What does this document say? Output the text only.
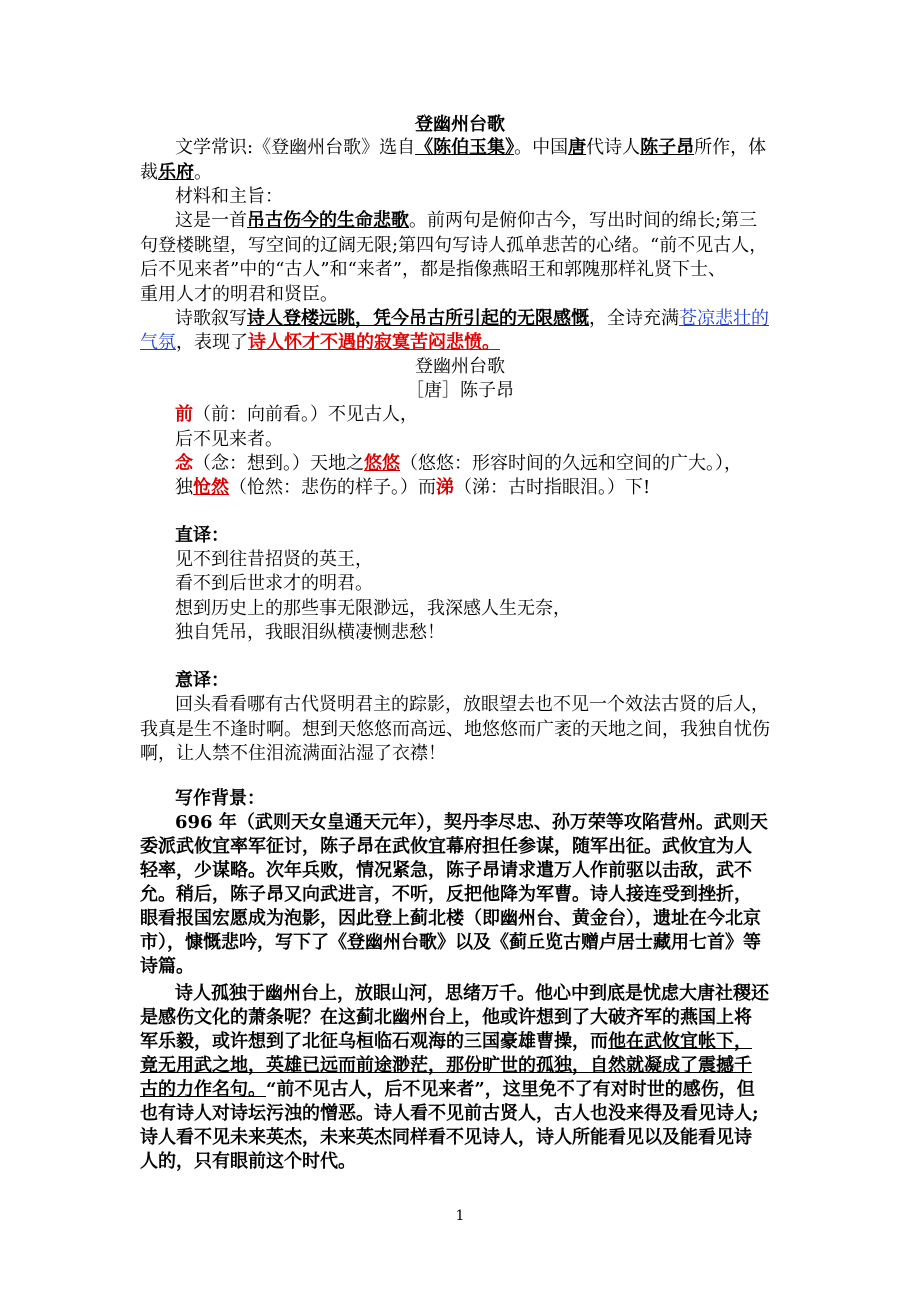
登幽州台歌
文学常识:《登幽州台歌》选自《陈伯玉集》。中国唐代诗人陈子昂所作，体
裁乐府。
材料和主旨：
这是一首吊古伤今的生命悲歌。前两句是俯仰古今，写出时间的绵长;第三
句登楼眺望，写空间的辽阔无限;第四句写诗人孤单悲苦的心绪。“前不见古人，
后不见来者”中的“古人”和“来者”，都是指像燕昭王和郭隗那样礼贤下士、
重用人才的明君和贤臣。
诗歌叙写诗人登楼远眺，凭今吊古所引起的无限感慨，全诗充满苍凉悲壮的
气氛，表现了诗人怀才不遇的寂寞苦闷悲愤。
登幽州台歌
［唐］陈子昂
前（前：向前看。）不见古人，
后不见来者。
念（念：想到。）天地之悠悠（悠悠：形容时间的久远和空间的广大。），
独怆然（怆然：悲伤的样子。）而涕（涕：古时指眼泪。）下!
直译：
见不到往昔招贤的英王，
看不到后世求才的明君。
想到历史上的那些事无限渺远，我深感人生无奈，
独自凭吊，我眼泪纵横凄恻悲愁！
意译：
回头看看哪有古代贤明君主的踪影，放眼望去也不见一个效法古贤的后人，
我真是生不逢时啊。想到天悠悠而高远、地悠悠而广袤的天地之间，我独自忧伤
啊，让人禁不住泪流满面沾湿了衣襟！
写作背景：
696 年（武则天女皇通天元年），契丹李尽忠、孙万荣等攻陷营州。武则天
委派武攸宜率军征讨，陈子昂在武攸宜幕府担任参谋，随军出征。武攸宜为人
轻率，少谋略。次年兵败，情况紧急，陈子昂请求遣万人作前驱以击敌，武不
允。稍后，陈子昂又向武进言，不听，反把他降为军曹。诗人接连受到挫折，
眼看报国宏愿成为泡影，因此登上蓟北楼（即幽州台、黄金台），遗址在今北京
市），慷慨悲吟，写下了《登幽州台歌》以及《蓟丘览古赠卢居士藏用七首》等
诗篇。
诗人孤独于幽州台上，放眼山河，思绪万千。他心中到底是忧虑大唐社稷还
是感伤文化的萧条呢？在这蓟北幽州台上，他或许想到了大破齐军的燕国上将
军乐毅，或许想到了北征乌桓临石观海的三国豪雄曹操，而他在武攸宜帐下，
竟无用武之地，英雄已远而前途渺茫，那份旷世的孤独，自然就凝成了震撼千
古的力作名句。“前不见古人，后不见来者”，这里免不了有对时世的感伤，但
也有诗人对诗坛污浊的憎恶。诗人看不见前古贤人，古人也没来得及看见诗人;
诗人看不见未来英杰，未来英杰同样看不见诗人，诗人所能看见以及能看见诗
人的，只有眼前这个时代。
1
